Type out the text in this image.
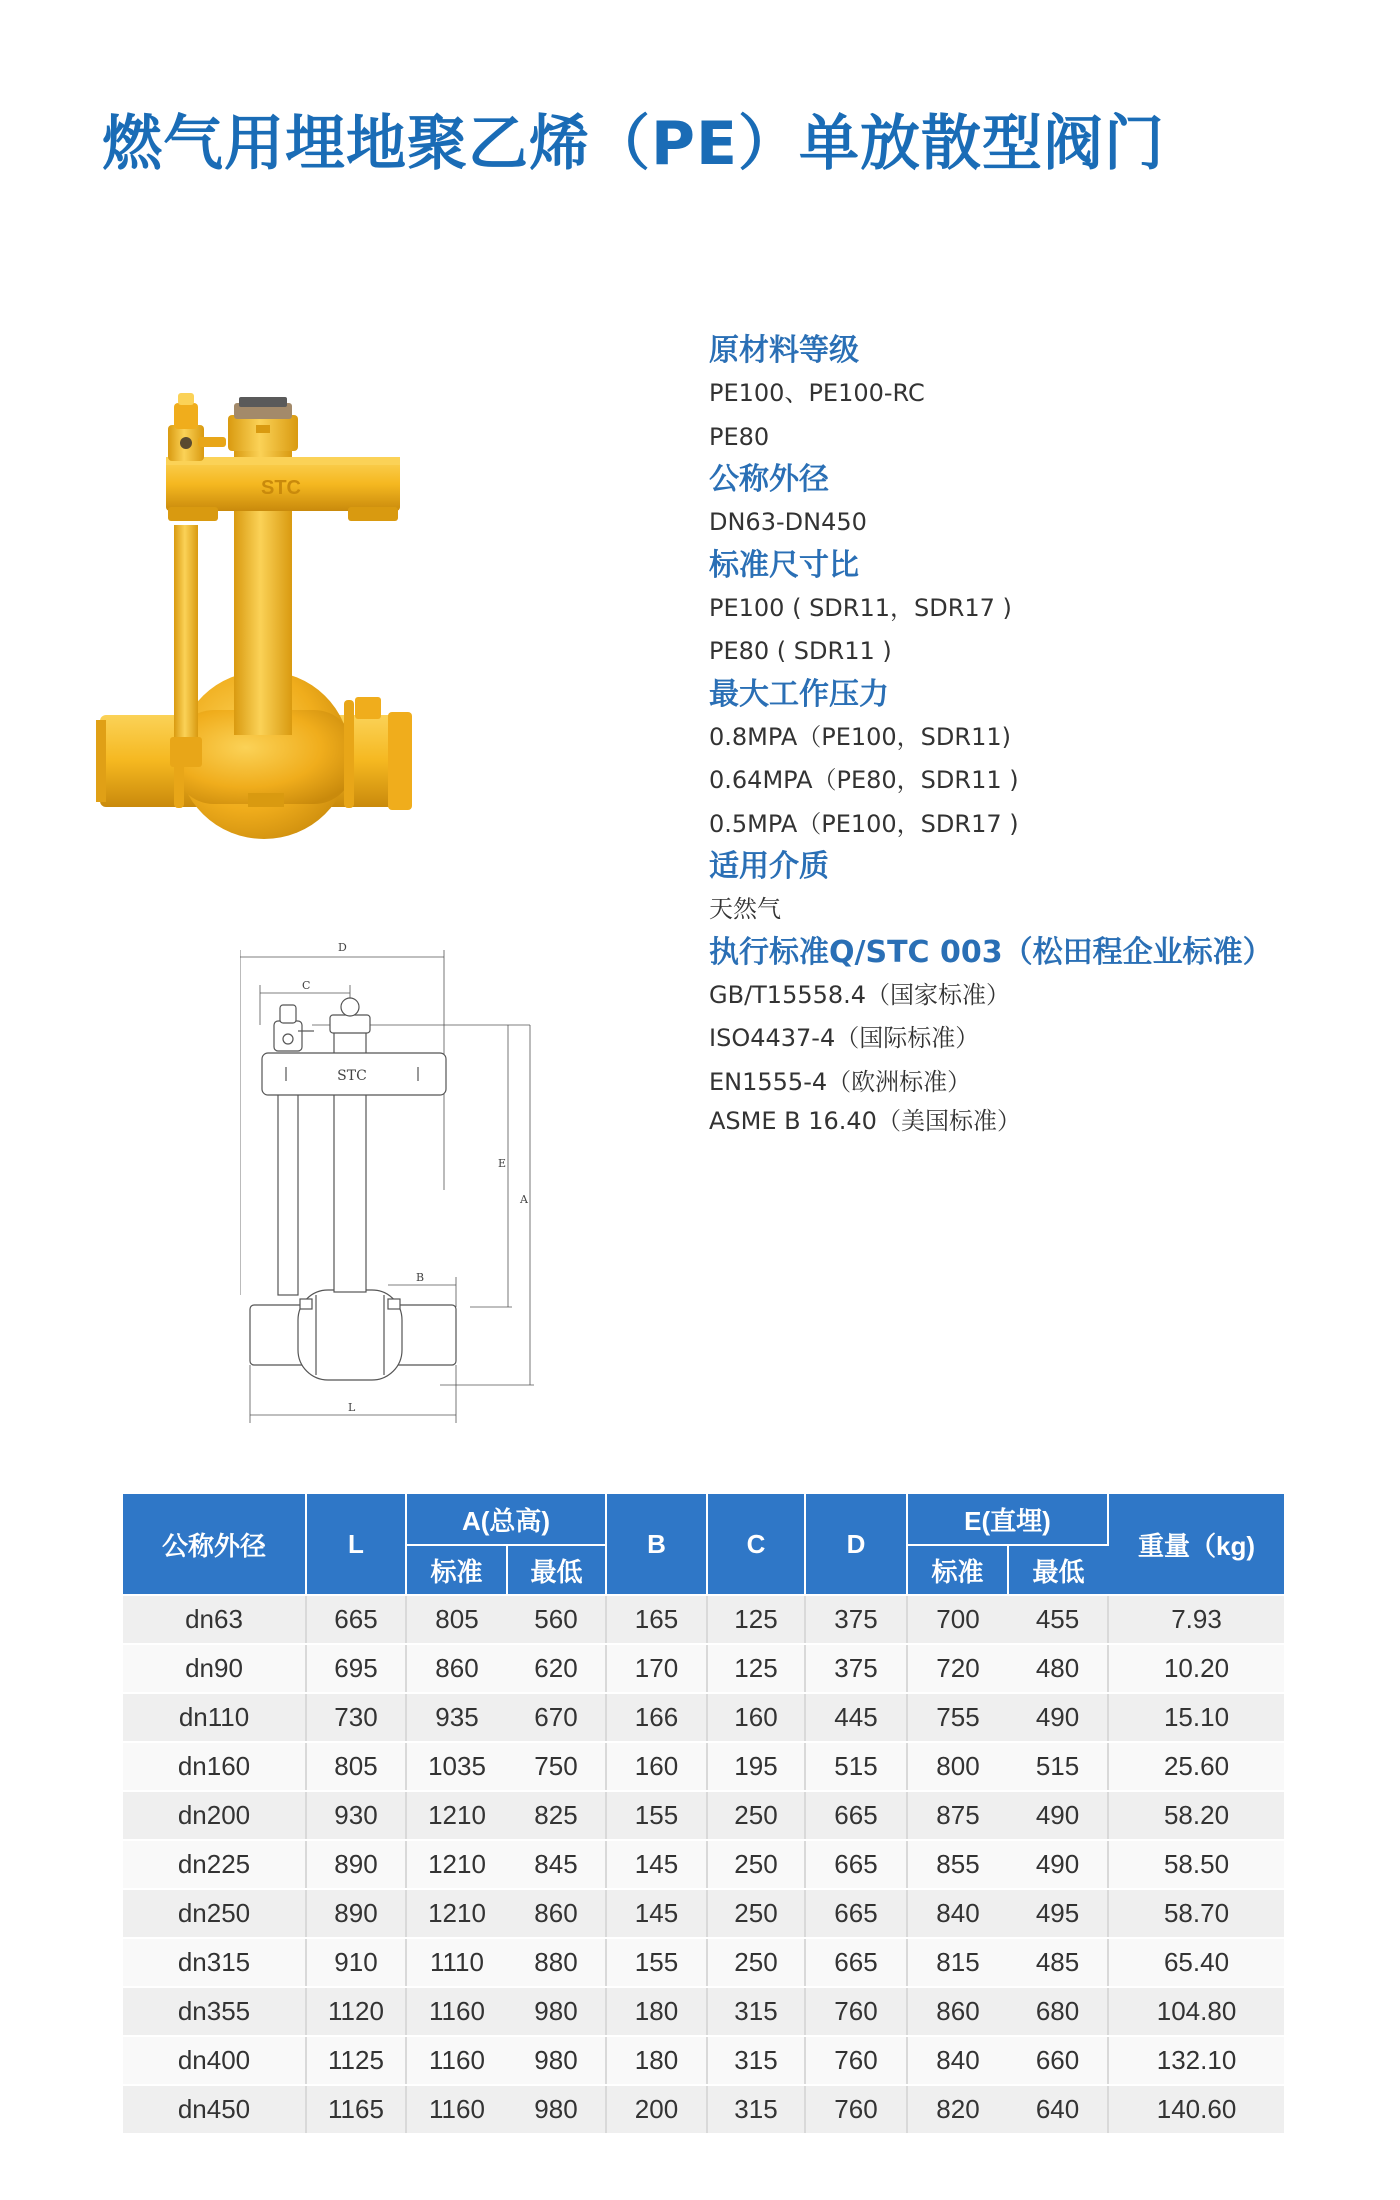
燃气用埋地聚乙烯（PE）单放散型阀门
原材料等级
PE100、PE100-RC
PE80
公称外径
DN63-DN450
标准尺寸比
PE100 ( SDR11，SDR17 )
PE80 ( SDR11 )
最大工作压力
0.8MPA（PE100，SDR11)
0.64MPA（PE80，SDR11 )
0.5MPA（PE100，SDR17 )
适用介质
天然气
执行标准Q/STC 003（松田程企业标准）
GB/T15558.4（国家标准）
ISO4437-4（国际标准）
EN1555-4（欧洲标准）
ASME B 16.40（美国标准）
STC
D
C
B
E
A
L
STC
公称外径	L	A(总高)		B	C	D	E(直埋)		重量（kg)
		标准	最低				标准	最低	
dn63	665	805	560	165	125	375	700	455	7.93
dn90	695	860	620	170	125	375	720	480	10.20
dn110	730	935	670	166	160	445	755	490	15.10
dn160	805	1035	750	160	195	515	800	515	25.60
dn200	930	1210	825	155	250	665	875	490	58.20
dn225	890	1210	845	145	250	665	855	490	58.50
dn250	890	1210	860	145	250	665	840	495	58.70
dn315	910	1110	880	155	250	665	815	485	65.40
dn355	1120	1160	980	180	315	760	860	680	104.80
dn400	1125	1160	980	180	315	760	840	660	132.10
dn450	1165	1160	980	200	315	760	820	640	140.60
